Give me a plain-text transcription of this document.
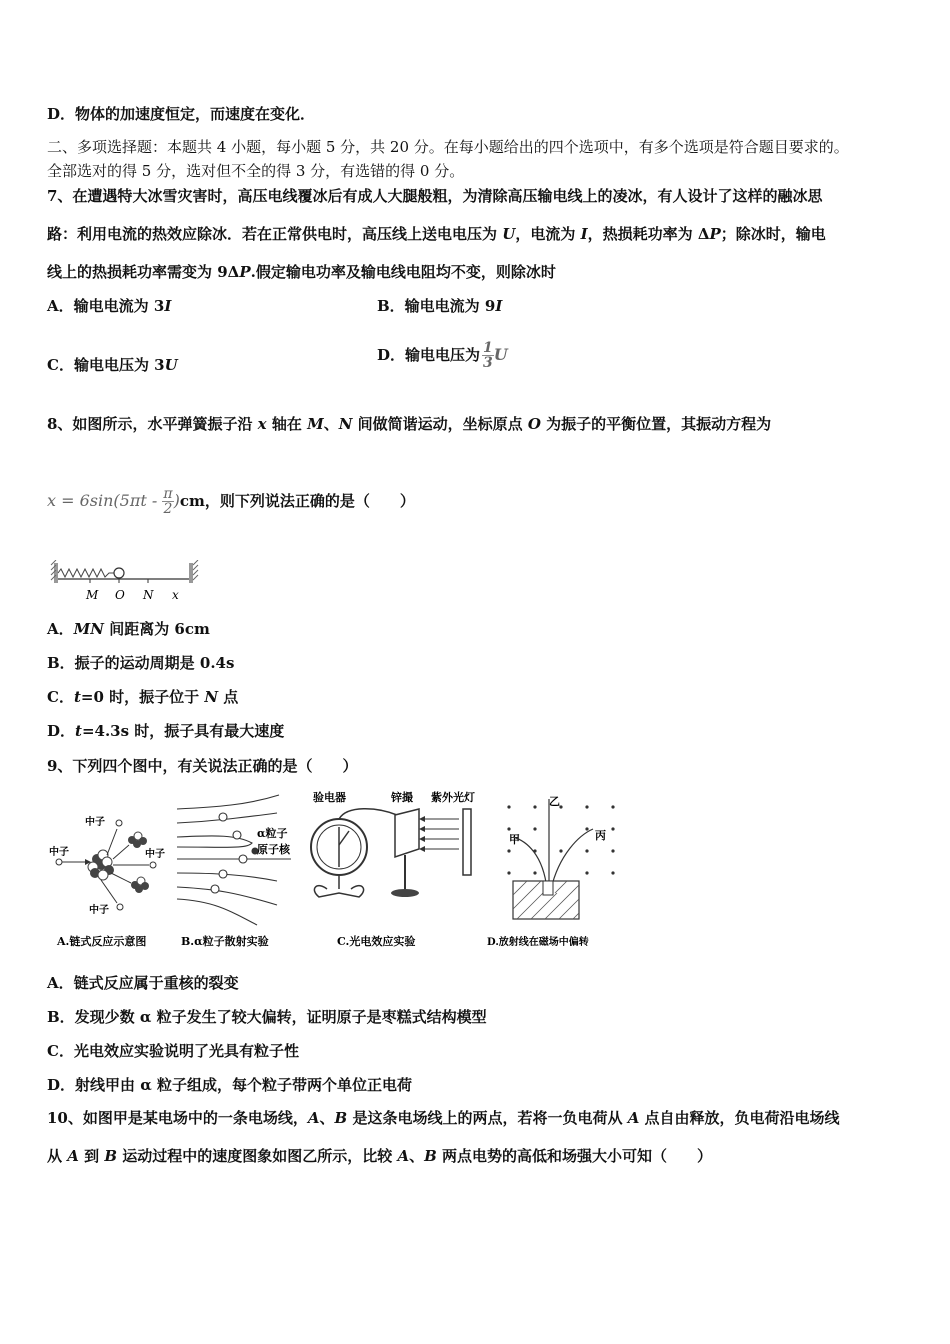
D．物体的加速度恒定，而速度在变化．
二、多项选择题：本题共 4 小题，每小题 5 分，共 20 分。在每小题给出的四个选项中，有多个选项是符合题目要求的。
全部选对的得 5 分，选对但不全的得 3 分，有选错的得 0 分。
7、在遭遇特大冰雪灾害时，高压电线覆冰后有成人大腿般粗，为清除高压输电线上的凌冰，有人设计了这样的融冰思
路：利用电流的热效应除冰．若在正常供电时，高压线上送电电压为 U，电流为 I，热损耗功率为 ΔP；除冰时，输电
线上的热损耗功率需变为 9ΔP.假定输电功率及输电线电阻均不变，则除冰时
A．输电电流为 3I	B．输电电流为 9I
C．输电电压为 3U
D．输电电压为 $\frac{1}{3}$ U
8、如图所示，水平弹簧振子沿 x 轴在 M、N 间做简谐运动，坐标原点 O 为振子的平衡位置，其振动方程为
$x = 6\sin(5\pi t - \frac{\pi}{2} )cm$，则下列说法正确的是（　　）
M O N x
A．MN 间距离为 6cm
B．振子的运动周期是 0.4s
C．t=0 时，振子位于 N 点
D．t=4.3s 时，振子具有最大速度
9、下列四个图中，有关说法正确的是（　　）
中子
中子	中子
中子
A.链式反应示意图
α粒子
原子核
B.α粒子散射实验
验电器	锌撮 紫外光灯
C.光电效应实验
乙
甲	丙
D.放射线在磁场中偏转
A．链式反应属于重核的裂变
B．发现少数 α 粒子发生了较大偏转，证明原子是枣糕式结构模型
C．光电效应实验说明了光具有粒子性
D．射线甲由 α 粒子组成，每个粒子带两个单位正电荷
10、如图甲是某电场中的一条电场线，A、B 是这条电场线上的两点，若将一负电荷从 A 点自由释放，负电荷沿电场线
从 A 到 B 运动过程中的速度图象如图乙所示，比较 A、B 两点电势的高低和场强大小可知（　　）
